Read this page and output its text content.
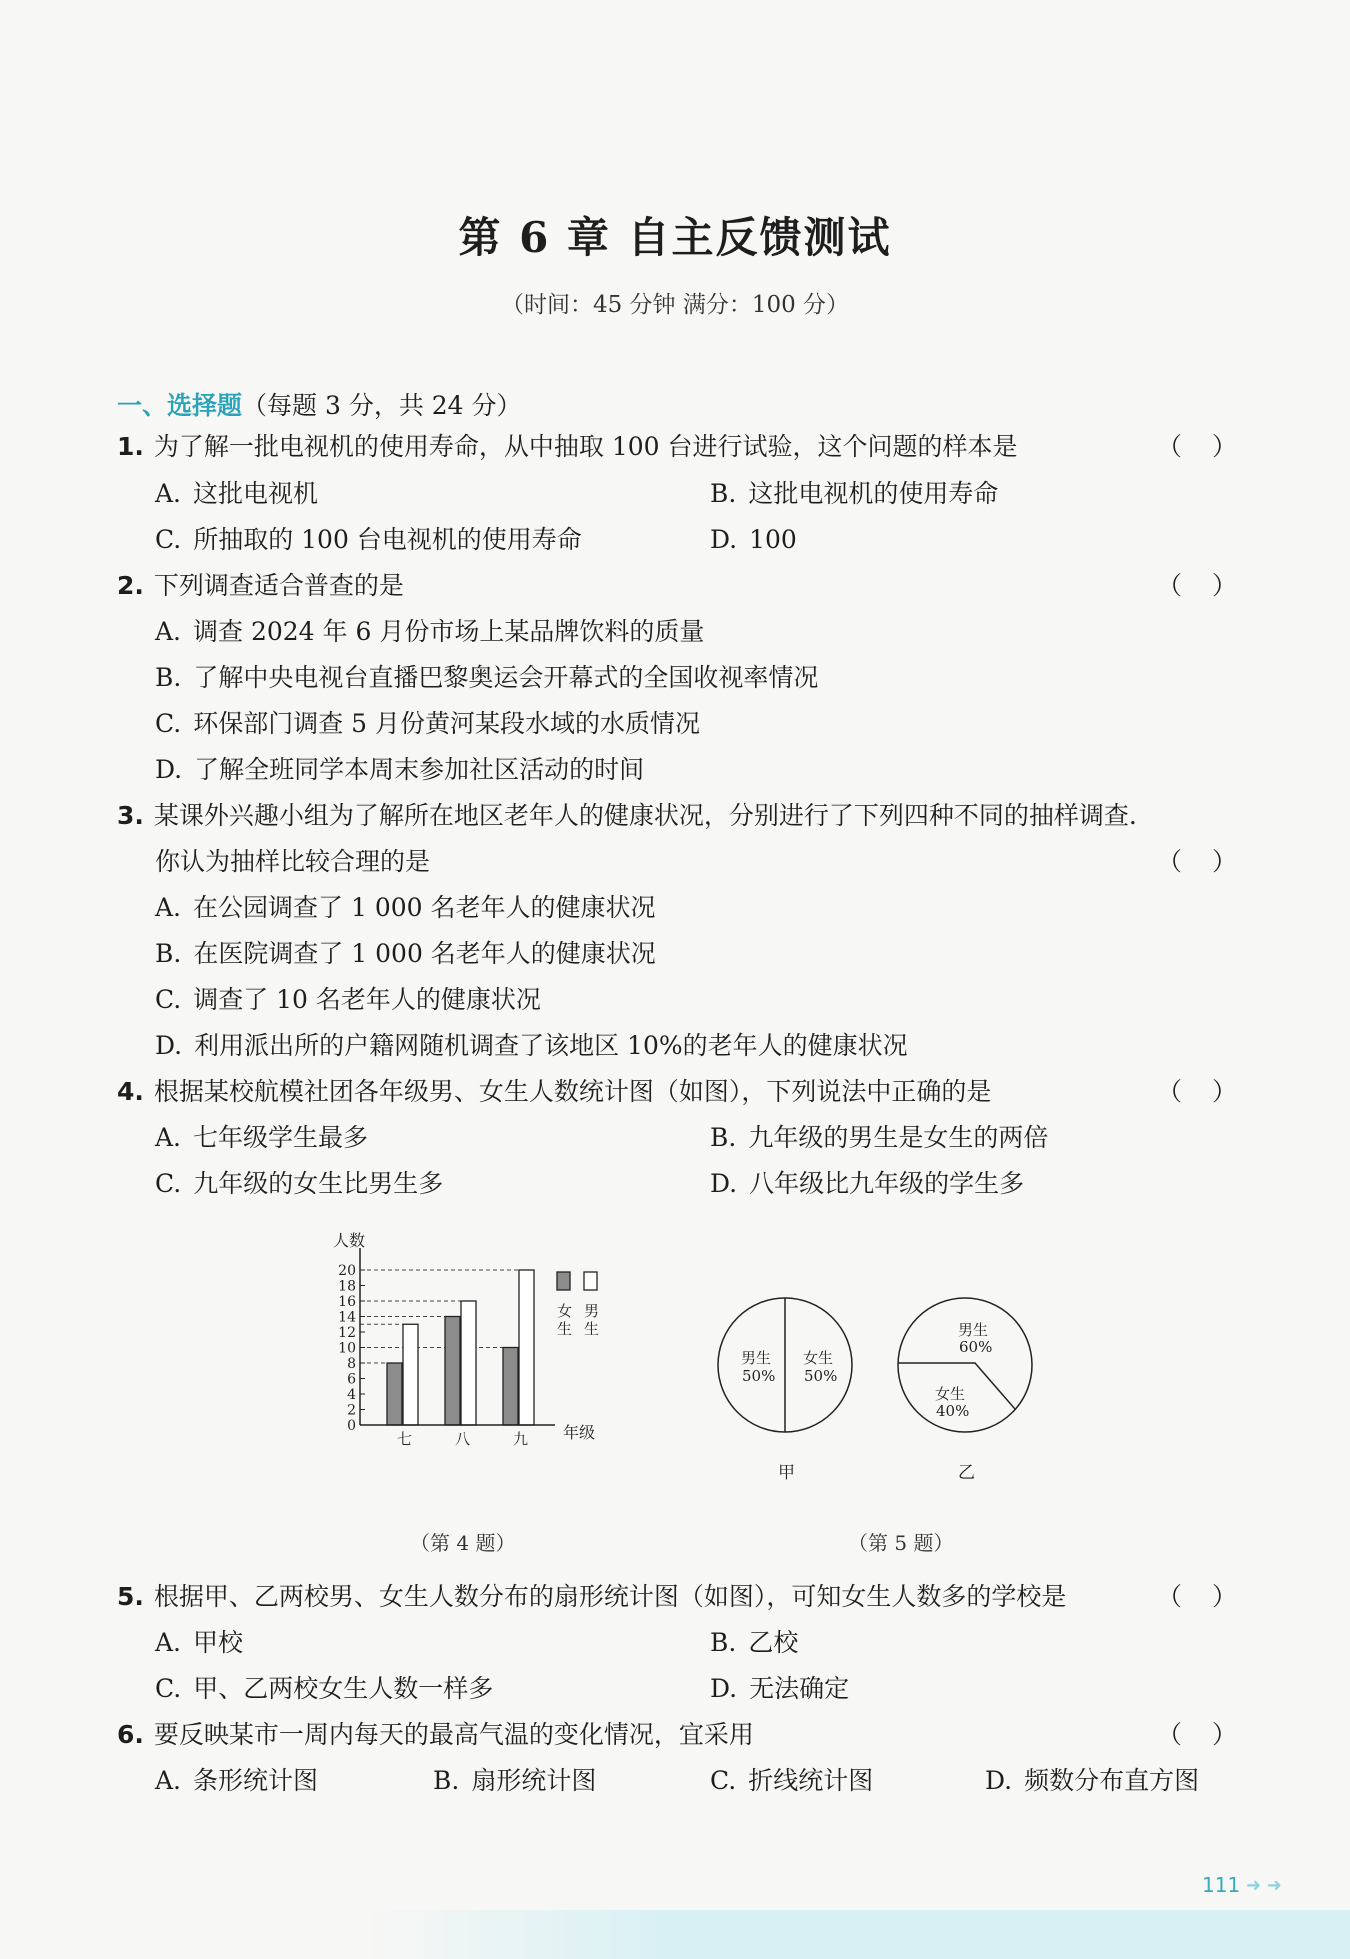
第 6 章 自主反馈测试
（时间：45 分钟 满分：100 分）
一、选择题（每题 3 分，共 24 分）
1. 为了解一批电视机的使用寿命，从中抽取 100 台进行试验，这个问题的样本是	（ ）
A. 这批电视机	B. 这批电视机的使用寿命
C. 所抽取的 100 台电视机的使用寿命	D. 100
2. 下列调查适合普查的是	（ ）
A. 调查 2024 年 6 月份市场上某品牌饮料的质量
B. 了解中央电视台直播巴黎奥运会开幕式的全国收视率情况
C. 环保部门调查 5 月份黄河某段水域的水质情况
D. 了解全班同学本周末参加社区活动的时间
3. 某课外兴趣小组为了解所在地区老年人的健康状况，分别进行了下列四种不同的抽样调查.
你认为抽样比较合理的是	（ ）
A. 在公园调查了 1 000 名老年人的健康状况
B. 在医院调查了 1 000 名老年人的健康状况
C. 调查了 10 名老年人的健康状况
D. 利用派出所的户籍网随机调查了该地区 10%的老年人的健康状况
4. 根据某校航模社团各年级男、女生人数统计图（如图），下列说法中正确的是	（ ）
A. 七年级学生最多	B. 九年级的男生是女生的两倍
C. 九年级的女生比男生多	D. 八年级比九年级的学生多
人数
年级
0
2
4
6
8
10
12
14
16
18
20
七	八	九
女
生
男
生
男生
50%
女生
50%
甲
男生
60%
女生
40%
乙
（第 4 题）	（第 5 题）
5. 根据甲、乙两校男、女生人数分布的扇形统计图（如图），可知女生人数多的学校是	（ ）
A. 甲校	B. 乙校
C. 甲、乙两校女生人数一样多	D. 无法确定
6. 要反映某市一周内每天的最高气温的变化情况，宜采用	（ ）
A. 条形统计图	B. 扇形统计图	C. 折线统计图	D. 频数分布直方图
111 ➜ ➜
